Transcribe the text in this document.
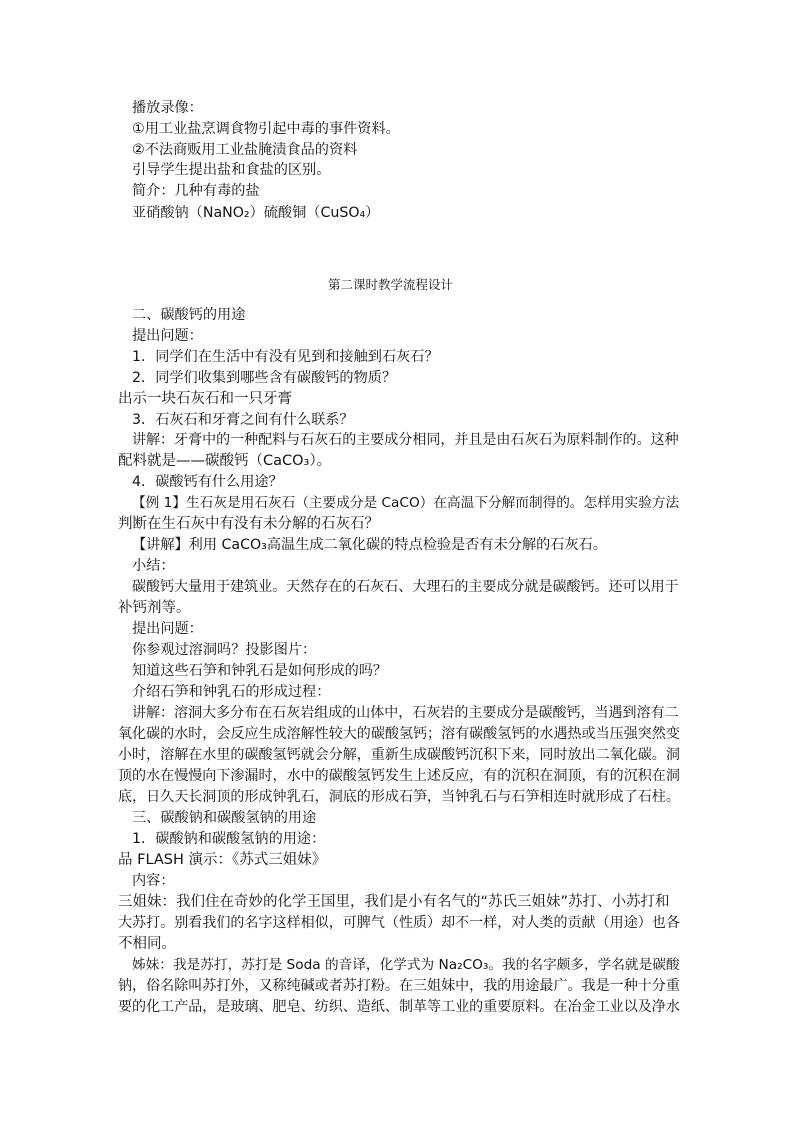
播放录像：
①用工业盐烹调食物引起中毒的事件资料。
②不法商贩用工业盐腌渍食品的资料
引导学生提出盐和食盐的区别。
简介：几种有毒的盐
亚硝酸钠（NaNO₂）硫酸铜（CuSO₄）
第二课时教学流程设计
二、碳酸钙的用途
提出问题：
1．同学们在生活中有没有见到和接触到石灰石？
2．同学们收集到哪些含有碳酸钙的物质？
出示一块石灰石和一只牙膏
3．石灰石和牙膏之间有什么联系？
讲解：牙膏中的一种配料与石灰石的主要成分相同，并且是由石灰石为原料制作的。这种
配料就是——碳酸钙（CaCO₃）。
4．碳酸钙有什么用途？
【例 1】生石灰是用石灰石（主要成分是 CaCO）在高温下分解而制得的。怎样用实验方法
判断在生石灰中有没有未分解的石灰石？
【讲解】利用 CaCO₃高温生成二氧化碳的特点检验是否有未分解的石灰石。
小结：
碳酸钙大量用于建筑业。天然存在的石灰石、大理石的主要成分就是碳酸钙。还可以用于
补钙剂等。
提出问题：
你参观过溶洞吗？投影图片：
知道这些石笋和钟乳石是如何形成的吗？
介绍石笋和钟乳石的形成过程：
讲解：溶洞大多分布在石灰岩组成的山体中，石灰岩的主要成分是碳酸钙，当遇到溶有二
氧化碳的水时，会反应生成溶解性较大的碳酸氢钙；溶有碳酸氢钙的水遇热或当压强突然变
小时，溶解在水里的碳酸氢钙就会分解，重新生成碳酸钙沉积下来，同时放出二氧化碳。洞
顶的水在慢慢向下渗漏时，水中的碳酸氢钙发生上述反应，有的沉积在洞顶，有的沉积在洞
底，日久天长洞顶的形成钟乳石，洞底的形成石笋，当钟乳石与石笋相连时就形成了石柱。
三、碳酸钠和碳酸氢钠的用途
1．碳酸钠和碳酸氢钠的用途：
品 FLASH 演示：《苏式三姐妹》
内容：
三姐妹：我们住在奇妙的化学王国里，我们是小有名气的“苏氏三姐妹”苏打、小苏打和
大苏打。别看我们的名字这样相似，可脾气（性质）却不一样，对人类的贡献（用途）也各
不相同。
姊妹：我是苏打，苏打是 Soda 的音译，化学式为 Na₂CO₃。我的名字颇多，学名就是碳酸
钠，俗名除叫苏打外，又称纯碱或者苏打粉。在三姐妹中，我的用途最广。我是一种十分重
要的化工产品，是玻璃、肥皂、纺织、造纸、制革等工业的重要原料。在冶金工业以及净水
